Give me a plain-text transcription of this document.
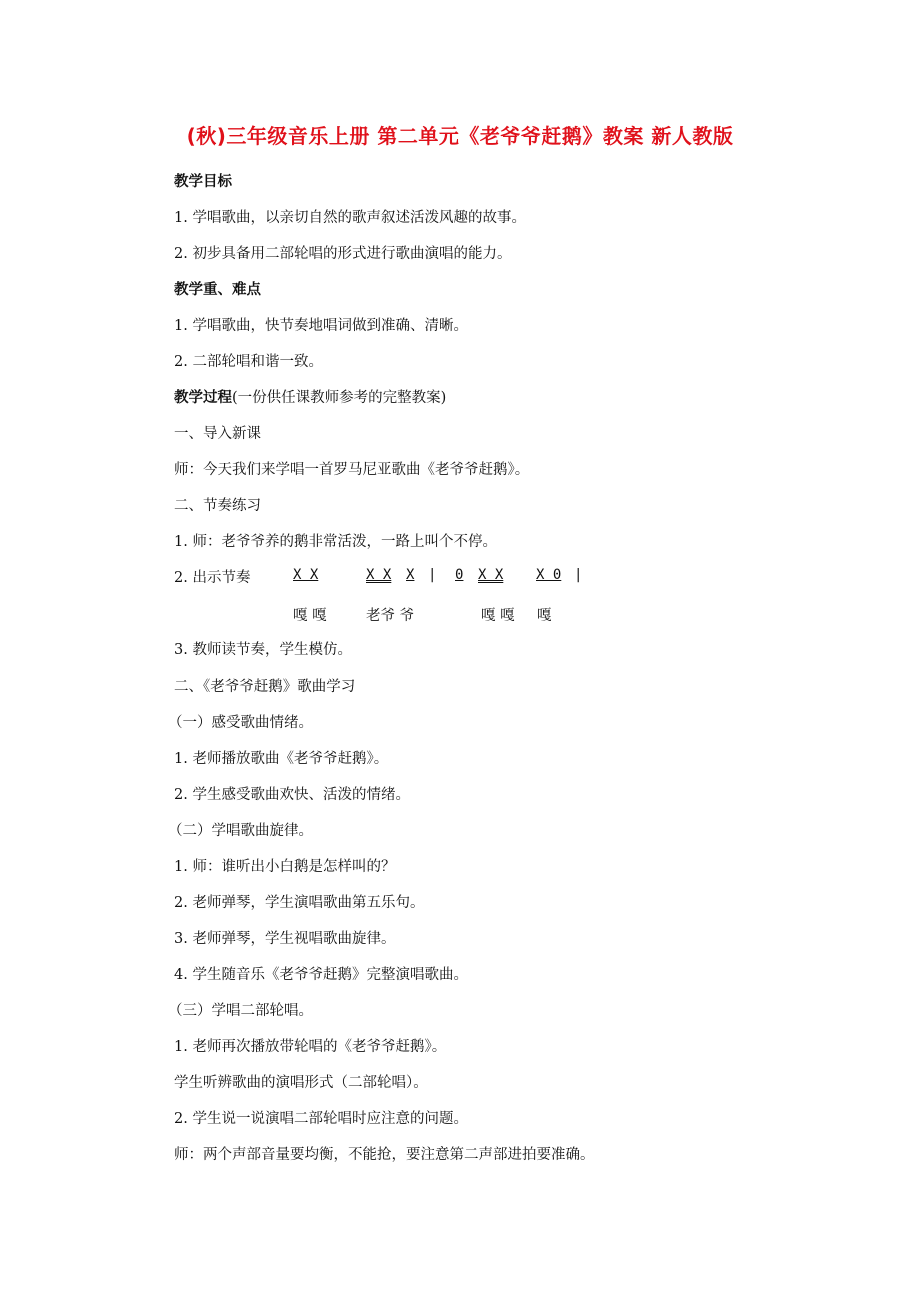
(秋)三年级音乐上册 第二单元《老爷爷赶鹅》教案 新人教版
教学目标
1. 学唱歌曲，以亲切自然的歌声叙述活泼风趣的故事。
2. 初步具备用二部轮唱的形式进行歌曲演唱的能力。
教学重、难点
1. 学唱歌曲，快节奏地唱词做到准确、清晰。
2. 二部轮唱和谐一致。
教学过程(一份供任课教师参考的完整教案)
一、导入新课
师：今天我们来学唱一首罗马尼亚歌曲《老爷爷赶鹅》。
二、节奏练习
1. 师：老爷爷养的鹅非常活泼，一路上叫个不停。
2. 出示节奏	X X	X X X | 0 X X X 0 |
嘎 嘎	老爷 爷	嘎 嘎 嘎
3. 教师读节奏，学生模仿。
二、《老爷爷赶鹅》歌曲学习
（一）感受歌曲情绪。
1. 老师播放歌曲《老爷爷赶鹅》。
2. 学生感受歌曲欢快、活泼的情绪。
（二）学唱歌曲旋律。
1. 师：谁听出小白鹅是怎样叫的？
2. 老师弹琴，学生演唱歌曲第五乐句。
3. 老师弹琴，学生视唱歌曲旋律。
4. 学生随音乐《老爷爷赶鹅》完整演唱歌曲。
（三）学唱二部轮唱。
1. 老师再次播放带轮唱的《老爷爷赶鹅》。
学生听辨歌曲的演唱形式（二部轮唱）。
2. 学生说一说演唱二部轮唱时应注意的问题。
师：两个声部音量要均衡，不能抢，要注意第二声部进拍要准确。
